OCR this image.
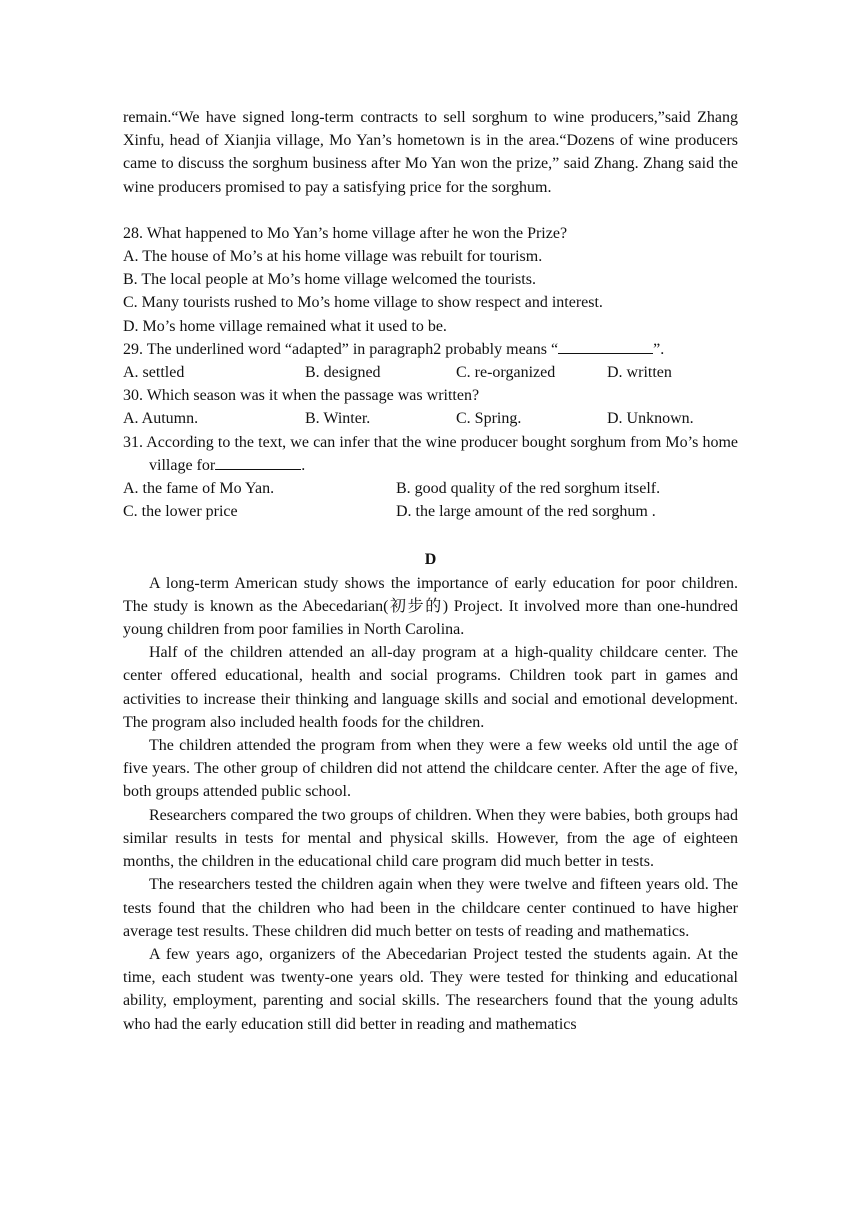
remain.“We have signed long-term contracts to sell sorghum to wine producers,”said Zhang Xinfu, head of Xianjia village, Mo Yan’s hometown is in the area.“Dozens of wine producers came to discuss the sorghum business after Mo Yan won the prize,” said Zhang. Zhang said the wine producers promised to pay a satisfying price for the sorghum.

28. What happened to Mo Yan’s home village after he won the Prize?

A. The house of Mo’s at his home village was rebuilt for tourism.

B. The local people at Mo’s home village welcomed the tourists.

C. Many tourists rushed to Mo’s home village to show respect and interest.

D. Mo’s home village remained what it used to be.

29. The underlined word “adapted” in paragraph2 probably means “	”.

A. settled	B. designed	C. re-organized	D. written

30. Which season was it when the passage was written?

A. Autumn.	B. Winter.	C. Spring.	D. Unknown.

31. According to the text, we can infer that the wine producer bought sorghum from Mo’s home village for	.

A. the fame of Mo Yan.	B. good quality of the red sorghum itself.
C. the lower price	D. the large amount of the red sorghum .

D

A long-term American study shows the importance of early education for poor children. The study is known as the Abecedarian(初步的) Project. It involved more than one-hundred young children from poor families in North Carolina.

Half of the children attended an all-day program at a high-quality childcare center. The center offered educational, health and social programs. Children took part in games and activities to increase their thinking and language skills and social and emotional development. The program also included health foods for the children.

The children attended the program from when they were a few weeks old until the age of five years. The other group of children did not attend the childcare center. After the age of five, both groups attended public school.

Researchers compared the two groups of children. When they were babies, both groups had similar results in tests for mental and physical skills. However, from the age of eighteen months, the children in the educational child care program did much better in tests.

The researchers tested the children again when they were twelve and fifteen years old. The tests found that the children who had been in the childcare center continued to have higher average test results. These children did much better on tests of reading and mathematics.

A few years ago, organizers of the Abecedarian Project tested the students again. At the time, each student was twenty-one years old. They were tested for thinking and educational ability, employment, parenting and social skills. The researchers found that the young adults who had the early education still did better in reading and mathematics
